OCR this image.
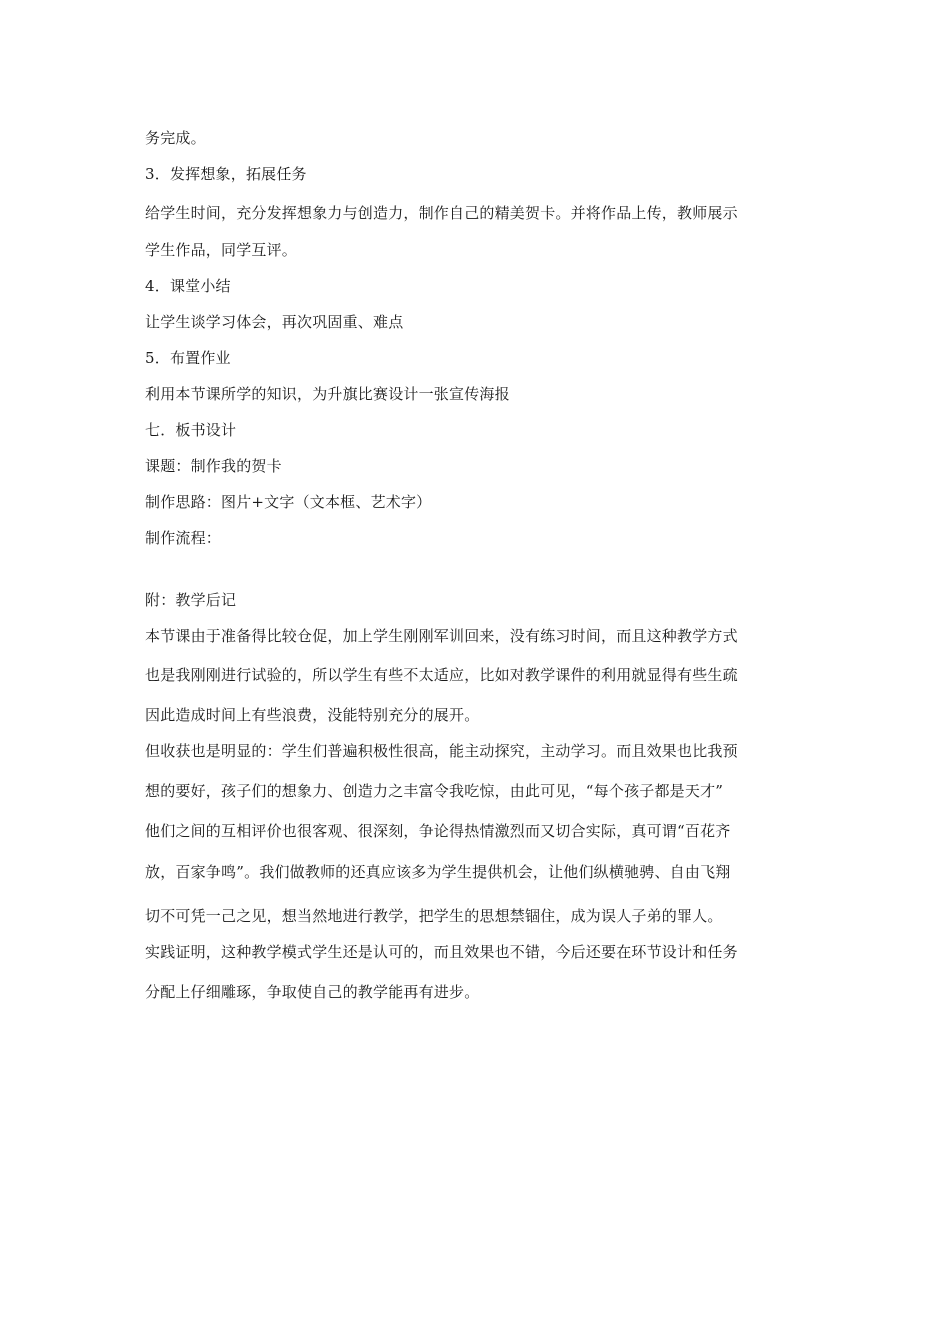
务完成。
3．发挥想象，拓展任务
给学生时间，充分发挥想象力与创造力，制作自己的精美贺卡。并将作品上传，教师展示
学生作品，同学互评。
4．课堂小结
让学生谈学习体会，再次巩固重、难点
5．布置作业
利用本节课所学的知识，为升旗比赛设计一张宣传海报
七．板书设计
课题：制作我的贺卡
制作思路：图片+文字（文本框、艺术字）
制作流程：
附：教学后记
本节课由于准备得比较仓促，加上学生刚刚军训回来，没有练习时间，而且这种教学方式
也是我刚刚进行试验的，所以学生有些不太适应，比如对教学课件的利用就显得有些生疏
因此造成时间上有些浪费，没能特别充分的展开。
但收获也是明显的：学生们普遍积极性很高，能主动探究，主动学习。而且效果也比我预
想的要好，孩子们的想象力、创造力之丰富令我吃惊，由此可见，“每个孩子都是天才”
他们之间的互相评价也很客观、很深刻，争论得热情激烈而又切合实际，真可谓“百花齐
放，百家争鸣”。我们做教师的还真应该多为学生提供机会，让他们纵横驰骋、自由飞翔
切不可凭一己之见，想当然地进行教学，把学生的思想禁锢住，成为误人子弟的罪人。
实践证明，这种教学模式学生还是认可的，而且效果也不错，今后还要在环节设计和任务
分配上仔细雕琢，争取使自己的教学能再有进步。
